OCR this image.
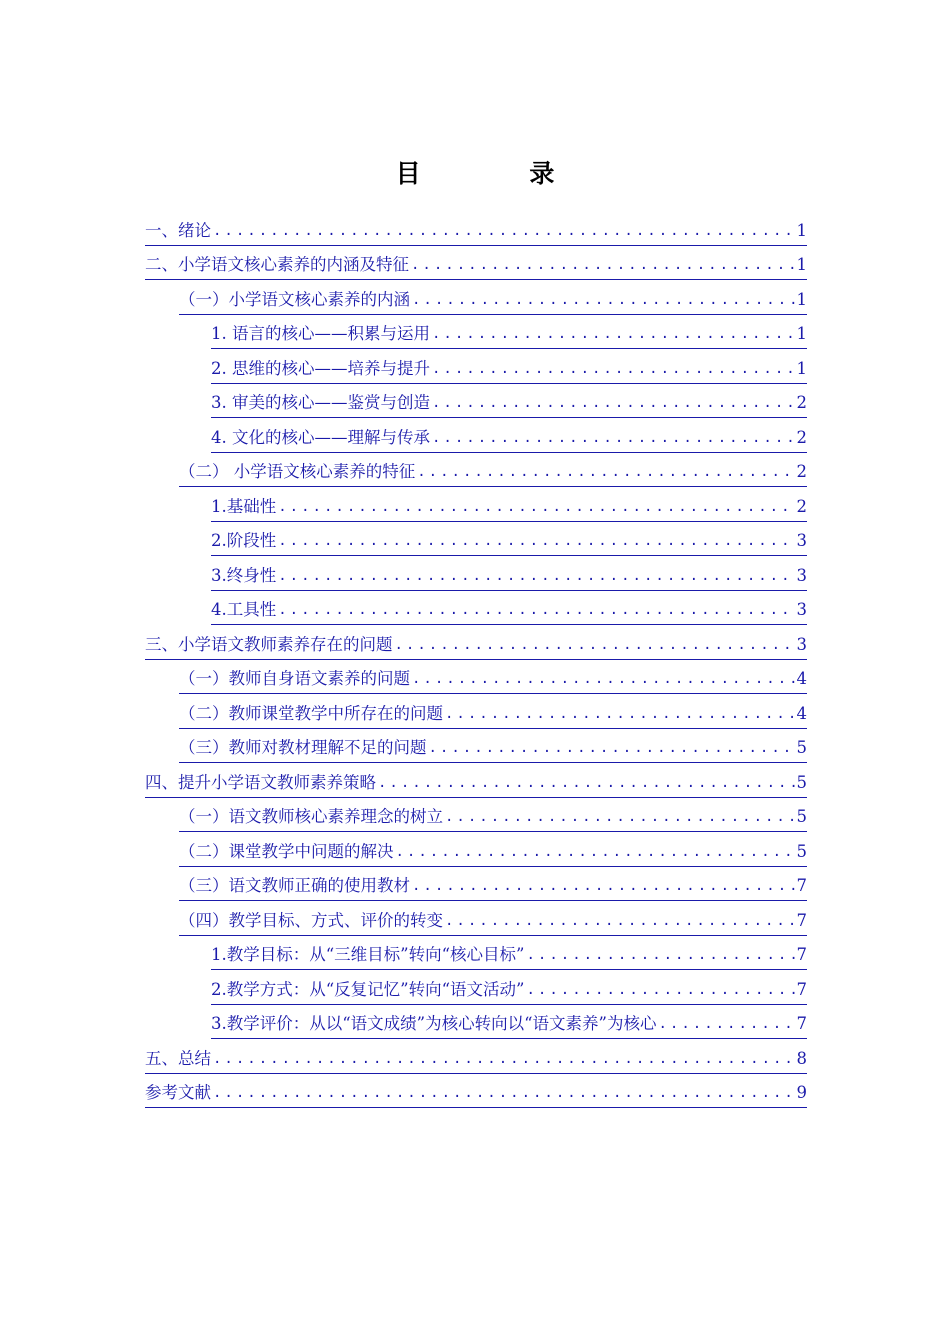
目 录
一、绪论 .....	1
二、小学语文核心素养的内涵及特征 .....	1
（一）小学语文核心素养的内涵 .....	1
1. 语言的核心——积累与运用 .....	1
2. 思维的核心——培养与提升 .....	1
3. 审美的核心——鉴赏与创造 .....	2
4. 文化的核心——理解与传承 .....	2
（二） 小学语文核心素养的特征 .....	2
1.基础性 .....	2
2.阶段性 .....	3
3.终身性 .....	3
4.工具性 .....	3
三、小学语文教师素养存在的问题 .....	3
（一）教师自身语文素养的问题 .....	4
（二）教师课堂教学中所存在的问题 .....	4
（三）教师对教材理解不足的问题 .....	5
四、提升小学语文教师素养策略 .....	5
（一）语文教师核心素养理念的树立 .....	5
（二）课堂教学中问题的解决 .....	5
（三）语文教师正确的使用教材 .....	7
（四）教学目标、方式、评价的转变 .....	7
1.教学目标：从“三维目标”转向“核心目标” .....	7
2.教学方式：从“反复记忆”转向“语文活动” .....	7
3.教学评价：从以“语文成绩”为核心转向以“语文素养”为核心 .....	7
五、总结 .....	8
参考文献 .....	9
